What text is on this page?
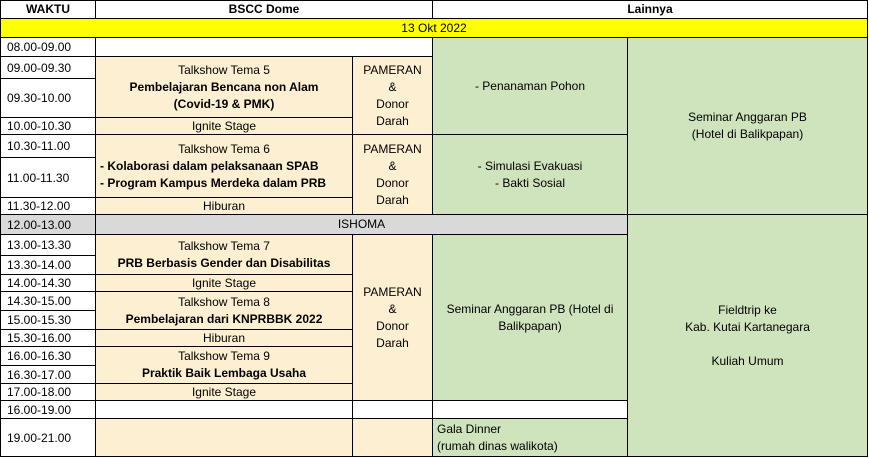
WAKTU	BSCC Dome	Lainnya
13 Okt 2022
08.00-09.00
09.00-09.30
09.30-10.00
10.00-10.30
10.30-11.00
11.00-11.30
11.30-12.00
12.00-13.00
13.00-13.30
13.30-14.00
14.00-14.30
14.30-15.00
15.00-15.30
15.30-16.00
16.00-16.30
16.30-17.00
17.00-18.00
16.00-19.00
19.00-21.00
Talkshow Tema 5
Pembelajaran Bencana non Alam
(Covid-19 & PMK)
Ignite Stage
Talkshow Tema 6
- Kolaborasi dalam pelaksanaan SPAB
- Program Kampus Merdeka dalam PRB
Hiburan
ISHOMA
Talkshow Tema 7
PRB Berbasis Gender dan Disabilitas
Ignite Stage
Talkshow Tema 8
Pembelajaran dari KNPRBBK 2022
Hiburan
Talkshow Tema 9
Praktik Baik Lembaga Usaha
Ignite Stage
PAMERAN
&
Donor
Darah
PAMERAN
&
Donor
Darah
PAMERAN
&
Donor
Darah
- Penanaman Pohon
- Simulasi Evakuasi
- Bakti Sosial
Seminar Anggaran PB (Hotel di
Balikpapan)
Gala Dinner
(rumah dinas walikota)
Seminar Anggaran PB
(Hotel di Balikpapan)
Fieldtrip ke
Kab. Kutai Kartanegara
Kuliah Umum
